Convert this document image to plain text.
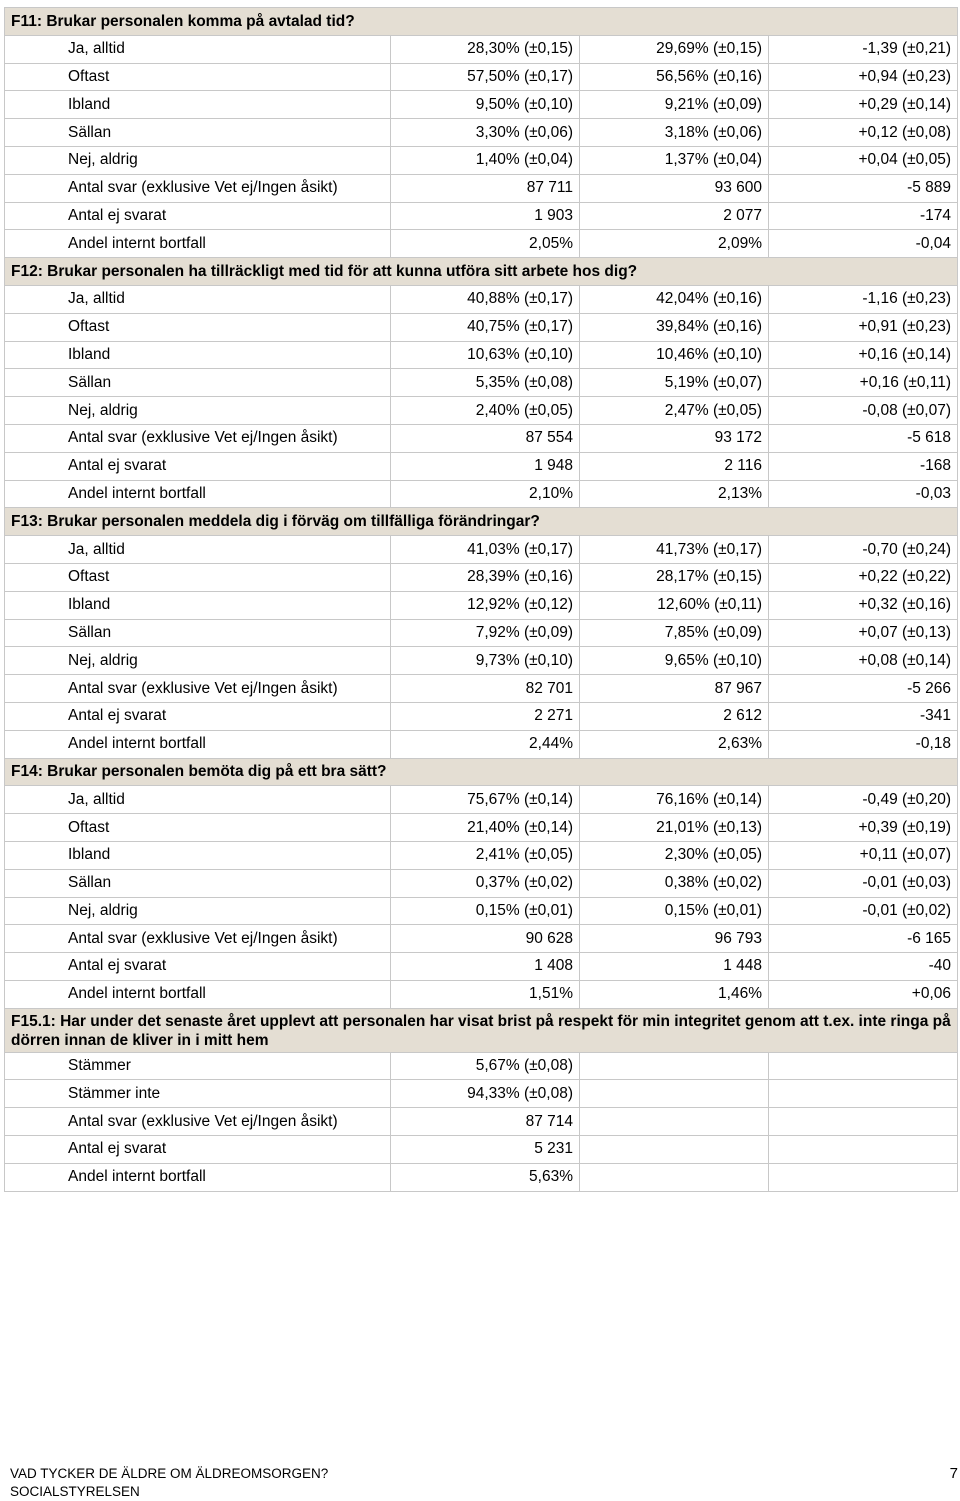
F11: Brukar personalen komma på avtalad tid?			
Ja, alltid	28,30% (±0,15)	29,69% (±0,15)	-1,39 (±0,21)
Oftast	57,50% (±0,17)	56,56% (±0,16)	+0,94 (±0,23)
Ibland	9,50% (±0,10)	9,21% (±0,09)	+0,29 (±0,14)
Sällan	3,30% (±0,06)	3,18% (±0,06)	+0,12 (±0,08)
Nej, aldrig	1,40% (±0,04)	1,37% (±0,04)	+0,04 (±0,05)
Antal svar (exklusive Vet ej/Ingen åsikt)	87 711	93 600	-5 889
Antal ej svarat	1 903	2 077	-174
Andel internt bortfall	2,05%	2,09%	-0,04
F12: Brukar personalen ha tillräckligt med tid för att kunna utföra sitt arbete hos dig?			
Ja, alltid	40,88% (±0,17)	42,04% (±0,16)	-1,16 (±0,23)
Oftast	40,75% (±0,17)	39,84% (±0,16)	+0,91 (±0,23)
Ibland	10,63% (±0,10)	10,46% (±0,10)	+0,16 (±0,14)
Sällan	5,35% (±0,08)	5,19% (±0,07)	+0,16 (±0,11)
Nej, aldrig	2,40% (±0,05)	2,47% (±0,05)	-0,08 (±0,07)
Antal svar (exklusive Vet ej/Ingen åsikt)	87 554	93 172	-5 618
Antal ej svarat	1 948	2 116	-168
Andel internt bortfall	2,10%	2,13%	-0,03
F13: Brukar personalen meddela dig i förväg om tillfälliga förändringar?			
Ja, alltid	41,03% (±0,17)	41,73% (±0,17)	-0,70 (±0,24)
Oftast	28,39% (±0,16)	28,17% (±0,15)	+0,22 (±0,22)
Ibland	12,92% (±0,12)	12,60% (±0,11)	+0,32 (±0,16)
Sällan	7,92% (±0,09)	7,85% (±0,09)	+0,07 (±0,13)
Nej, aldrig	9,73% (±0,10)	9,65% (±0,10)	+0,08 (±0,14)
Antal svar (exklusive Vet ej/Ingen åsikt)	82 701	87 967	-5 266
Antal ej svarat	2 271	2 612	-341
Andel internt bortfall	2,44%	2,63%	-0,18
F14: Brukar personalen bemöta dig på ett bra sätt?			
Ja, alltid	75,67% (±0,14)	76,16% (±0,14)	-0,49 (±0,20)
Oftast	21,40% (±0,14)	21,01% (±0,13)	+0,39 (±0,19)
Ibland	2,41% (±0,05)	2,30% (±0,05)	+0,11 (±0,07)
Sällan	0,37% (±0,02)	0,38% (±0,02)	-0,01 (±0,03)
Nej, aldrig	0,15% (±0,01)	0,15% (±0,01)	-0,01 (±0,02)
Antal svar (exklusive Vet ej/Ingen åsikt)	90 628	96 793	-6 165
Antal ej svarat	1 408	1 448	-40
Andel internt bortfall	1,51%	1,46%	+0,06
F15.1: Har under det senaste året upplevt att personalen har visat brist på respekt för min integritet genom att t.ex. inte ringa på dörren innan de kliver in i mitt hem			
Stämmer	5,67% (±0,08)		
Stämmer inte	94,33% (±0,08)		
Antal svar (exklusive Vet ej/Ingen åsikt)	87 714		
Antal ej svarat	5 231		
Andel internt bortfall	5,63%		
VAD TYCKER DE ÄLDRE OM ÄLDREOMSORGEN?
SOCIALSTYRELSEN
7
